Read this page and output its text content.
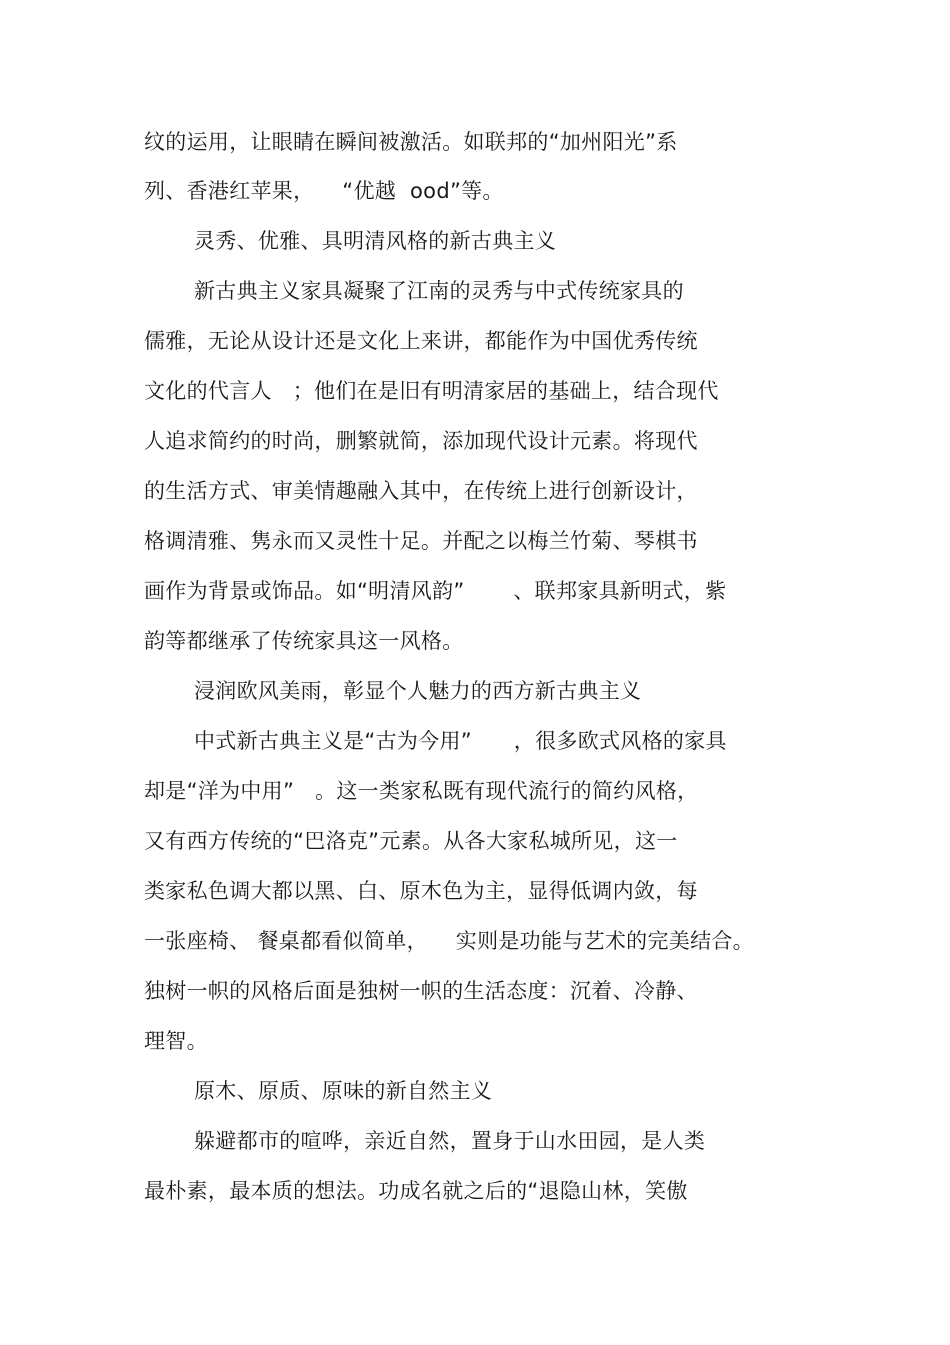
纹的运用，让眼睛在瞬间被激活。如联邦的“加州阳光”系
列、香港红苹果，    “优越  ood”等。
灵秀、优雅、具明清风格的新古典主义
新古典主义家具凝聚了江南的灵秀与中式传统家具的
儒雅，无论从设计还是文化上来讲，都能作为中国优秀传统
文化的代言人   ；他们在是旧有明清家居的基础上，结合现代
人追求简约的时尚，删繁就简，添加现代设计元素。将现代
的生活方式、审美情趣融入其中，在传统上进行创新设计，
格调清雅、隽永而又灵性十足。并配之以梅兰竹菊、琴棋书
画作为背景或饰品。如“明清风韵”       、联邦家具新明式，紫
韵等都继承了传统家具这一风格。
浸润欧风美雨，彰显个人魅力的西方新古典主义
中式新古典主义是“古为今用”      ，很多欧式风格的家具
却是“洋为中用”   。这一类家私既有现代流行的简约风格，
又有西方传统的“巴洛克”元素。从各大家私城所见，这一
类家私色调大都以黑、白、原木色为主，显得低调内敛，每
一张座椅、 餐桌都看似简单，    实则是功能与艺术的完美结合。
独树一帜的风格后面是独树一帜的生活态度：沉着、冷静、
理智。
原木、原质、原味的新自然主义
躲避都市的喧哗，亲近自然，置身于山水田园，是人类
最朴素，最本质的想法。功成名就之后的“退隐山林，笑傲
